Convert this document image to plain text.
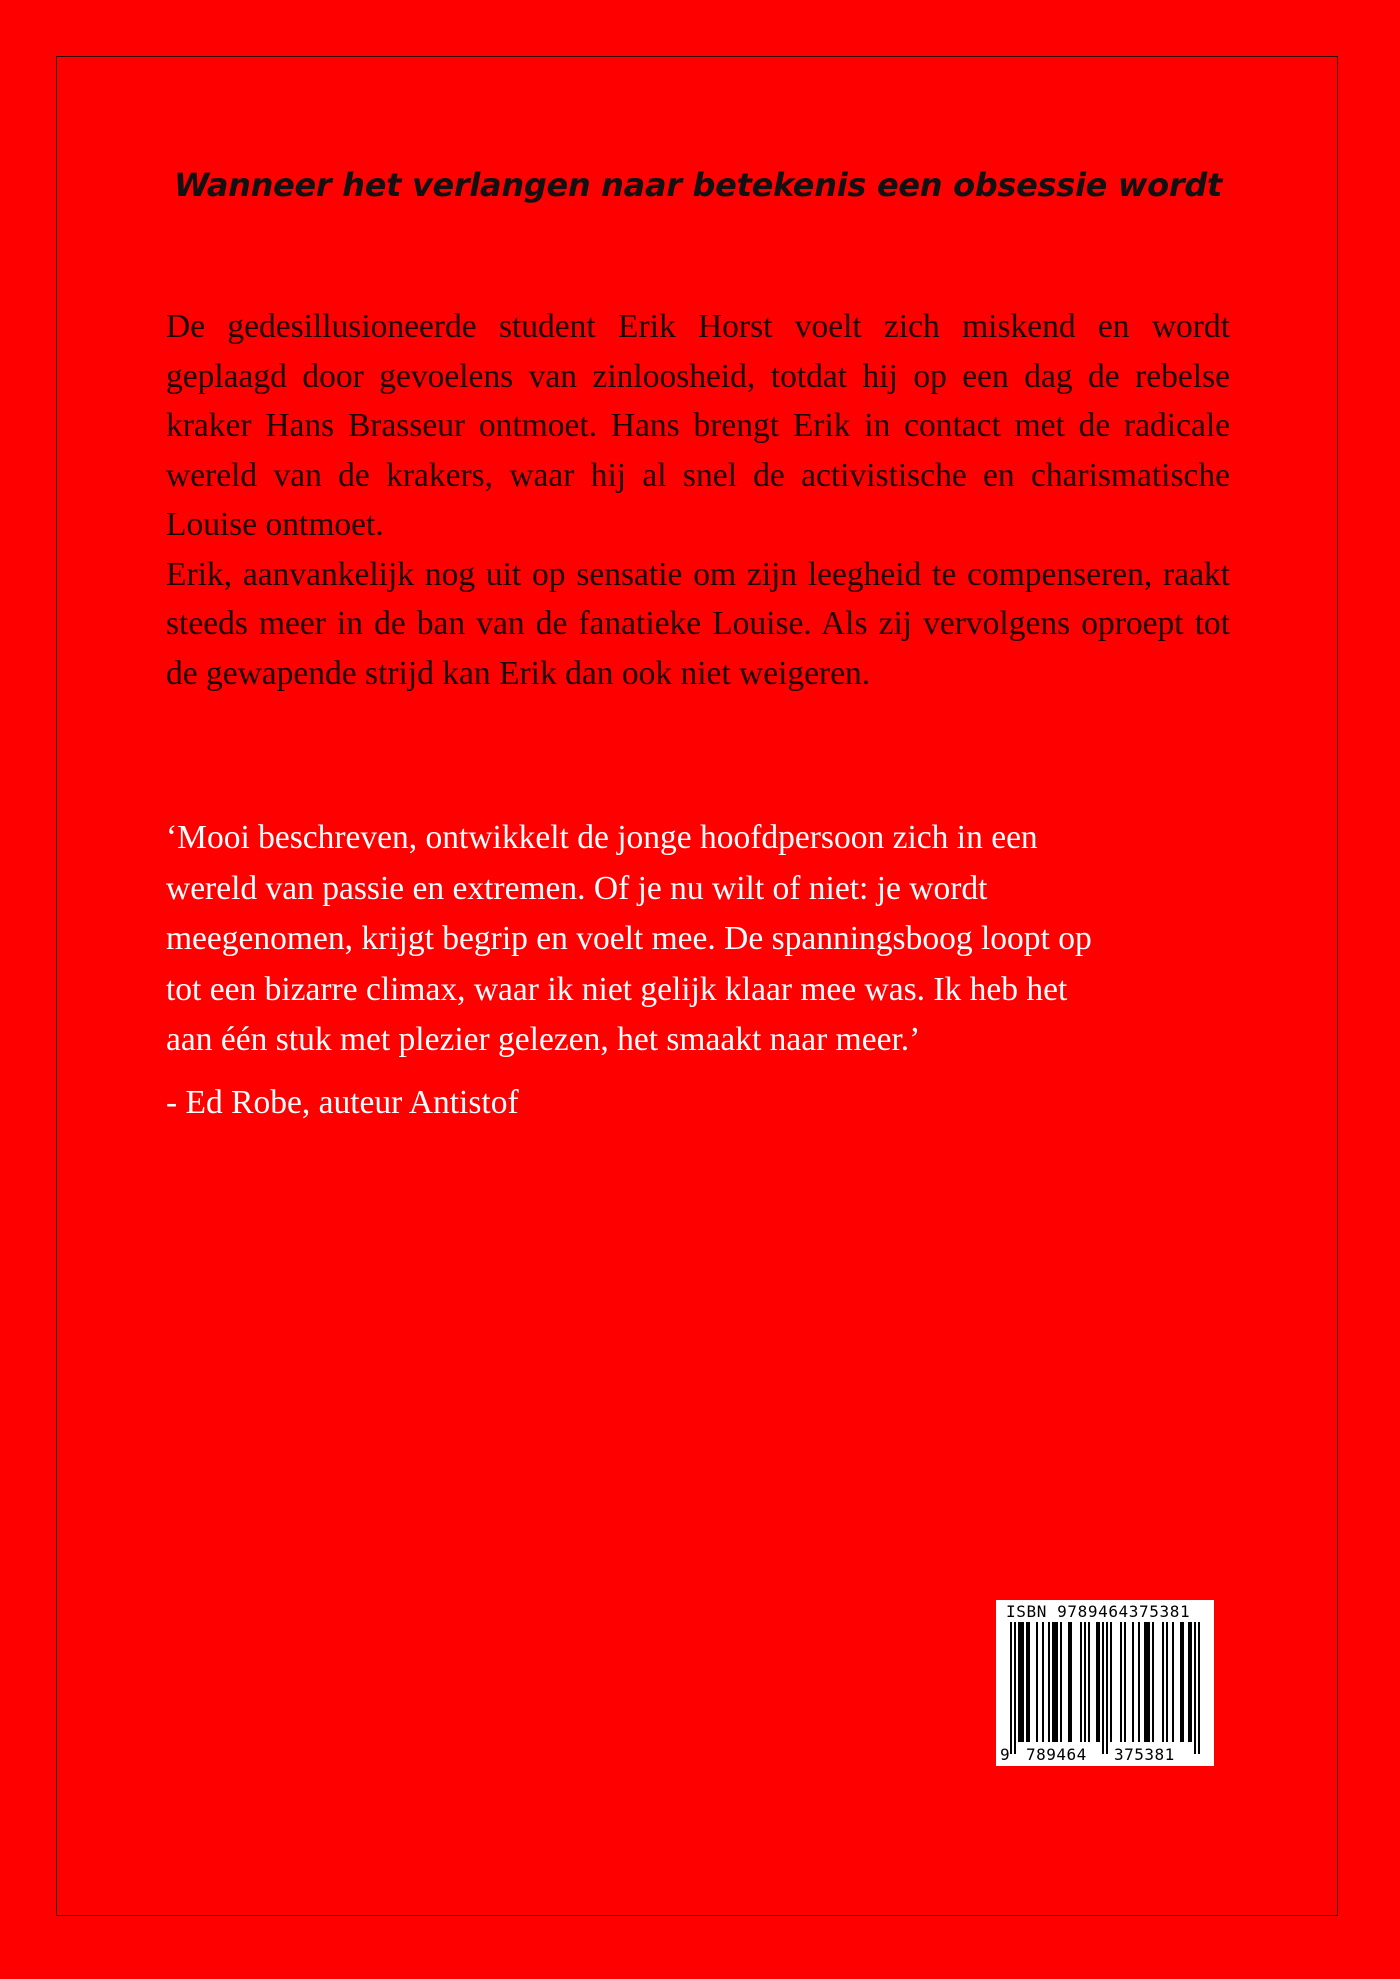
Wanneer het verlangen naar betekenis een obsessie wordt

De gedesillusioneerde student Erik Horst voelt zich miskend en wordt geplaagd door gevoelens van zinloosheid, totdat hij op een dag de rebelse kraker Hans Brasseur ontmoet. Hans brengt Erik in contact met de radicale wereld van de krakers, waar hij al snel de activistische en charismatische Louise ontmoet.

Erik, aanvankelijk nog uit op sensatie om zijn leegheid te compenseren, raakt steeds meer in de ban van de fanatieke Louise. Als zij vervolgens oproept tot de gewapende strijd kan Erik dan ook niet weigeren.

‘Mooi beschreven, ontwikkelt de jonge hoofdpersoon zich in een
wereld van passie en extremen. Of je nu wilt of niet: je wordt
meegenomen, krijgt begrip en voelt mee. De spanningsboog loopt op
tot een bizarre climax, waar ik niet gelijk klaar mee was. Ik heb het
aan één stuk met plezier gelezen, het smaakt naar meer.’
- Ed Robe, auteur Antistof
ISBN 9789464375381
9 789464 375381
